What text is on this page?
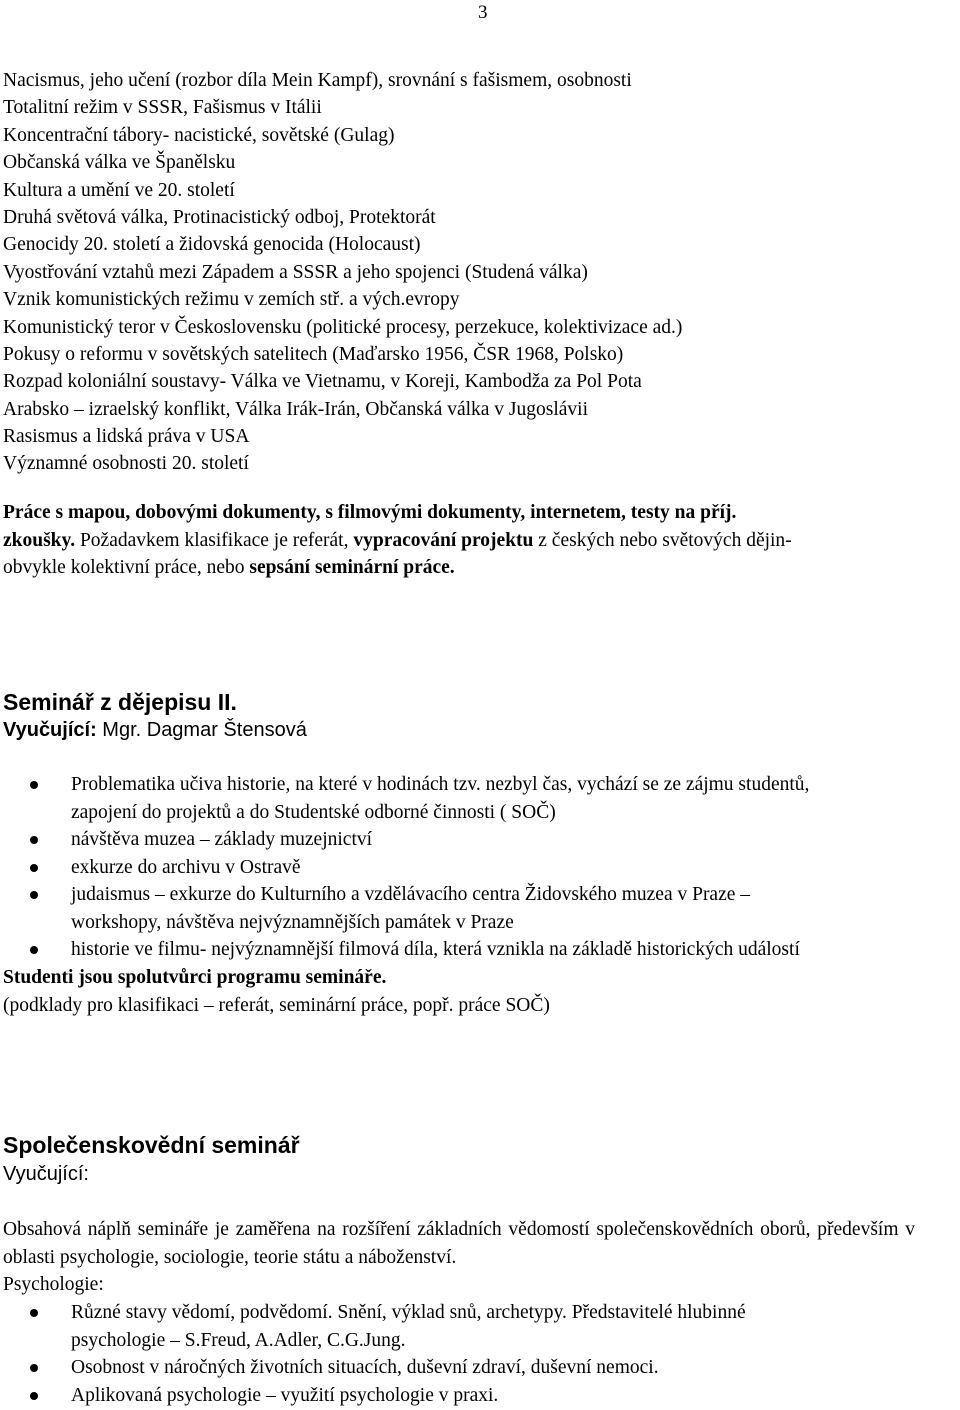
3
Nacismus, jeho učení (rozbor díla Mein Kampf), srovnání s fašismem, osobnosti
Totalitní režim v SSSR, Fašismus v Itálii
Koncentrační tábory- nacistické, sovětské (Gulag)
Občanská válka ve Španělsku
Kultura a umění ve 20. století
Druhá světová válka, Protinacistický odboj, Protektorát
Genocidy 20. století a židovská genocida (Holocaust)
Vyostřování vztahů mezi Západem a SSSR a jeho spojenci (Studená válka)
Vznik komunistických režimu v zemích stř. a vých.evropy
Komunistický teror v Československu (politické procesy, perzekuce, kolektivizace ad.)
Pokusy o reformu v sovětských satelitech (Maďarsko 1956, ČSR 1968, Polsko)
Rozpad koloniální soustavy- Válka ve Vietnamu, v Koreji, Kambodža za Pol Pota
Arabsko – izraelský konflikt, Válka Irák-Irán, Občanská válka v Jugoslávii
Rasismus a lidská práva v USA
Významné osobnosti 20. století
Práce s mapou, dobovými dokumenty, s filmovými dokumenty, internetem, testy na příj.
zkoušky. Požadavkem klasifikace je referát, vypracování projektu z českých nebo světových dějin-
obvykle kolektivní práce, nebo sepsání seminární práce.
Seminář z dějepisu II.
Vyučující: Mgr. Dagmar Štensová
Problematika učiva historie, na které v hodinách tzv. nezbyl čas, vychází se ze zájmu studentů,
zapojení do projektů a do Studentské odborné činnosti ( SOČ)
návštěva muzea – základy muzejnictví
exkurze do archivu v Ostravě
judaismus – exkurze do Kulturního a vzdělávacího centra Židovského muzea v Praze –
workshopy, návštěva nejvýznamnějších památek v Praze
historie ve filmu- nejvýznamnější filmová díla, která vznikla na základě historických událostí
Studenti jsou spolutvůrci programu semináře.
(podklady pro klasifikaci – referát, seminární práce, popř. práce SOČ)
Společenskovědní seminář
Vyučující:
Obsahová náplň semináře je zaměřena na rozšíření základních vědomostí společenskovědních oborů, především v oblasti psychologie, sociologie, teorie státu a náboženství.
Psychologie:
Různé stavy vědomí, podvědomí. Snění, výklad snů, archetypy. Představitelé hlubinné
psychologie – S.Freud, A.Adler, C.G.Jung.
Osobnost v náročných životních situacích, duševní zdraví, duševní nemoci.
Aplikovaná psychologie – využití psychologie v praxi.
